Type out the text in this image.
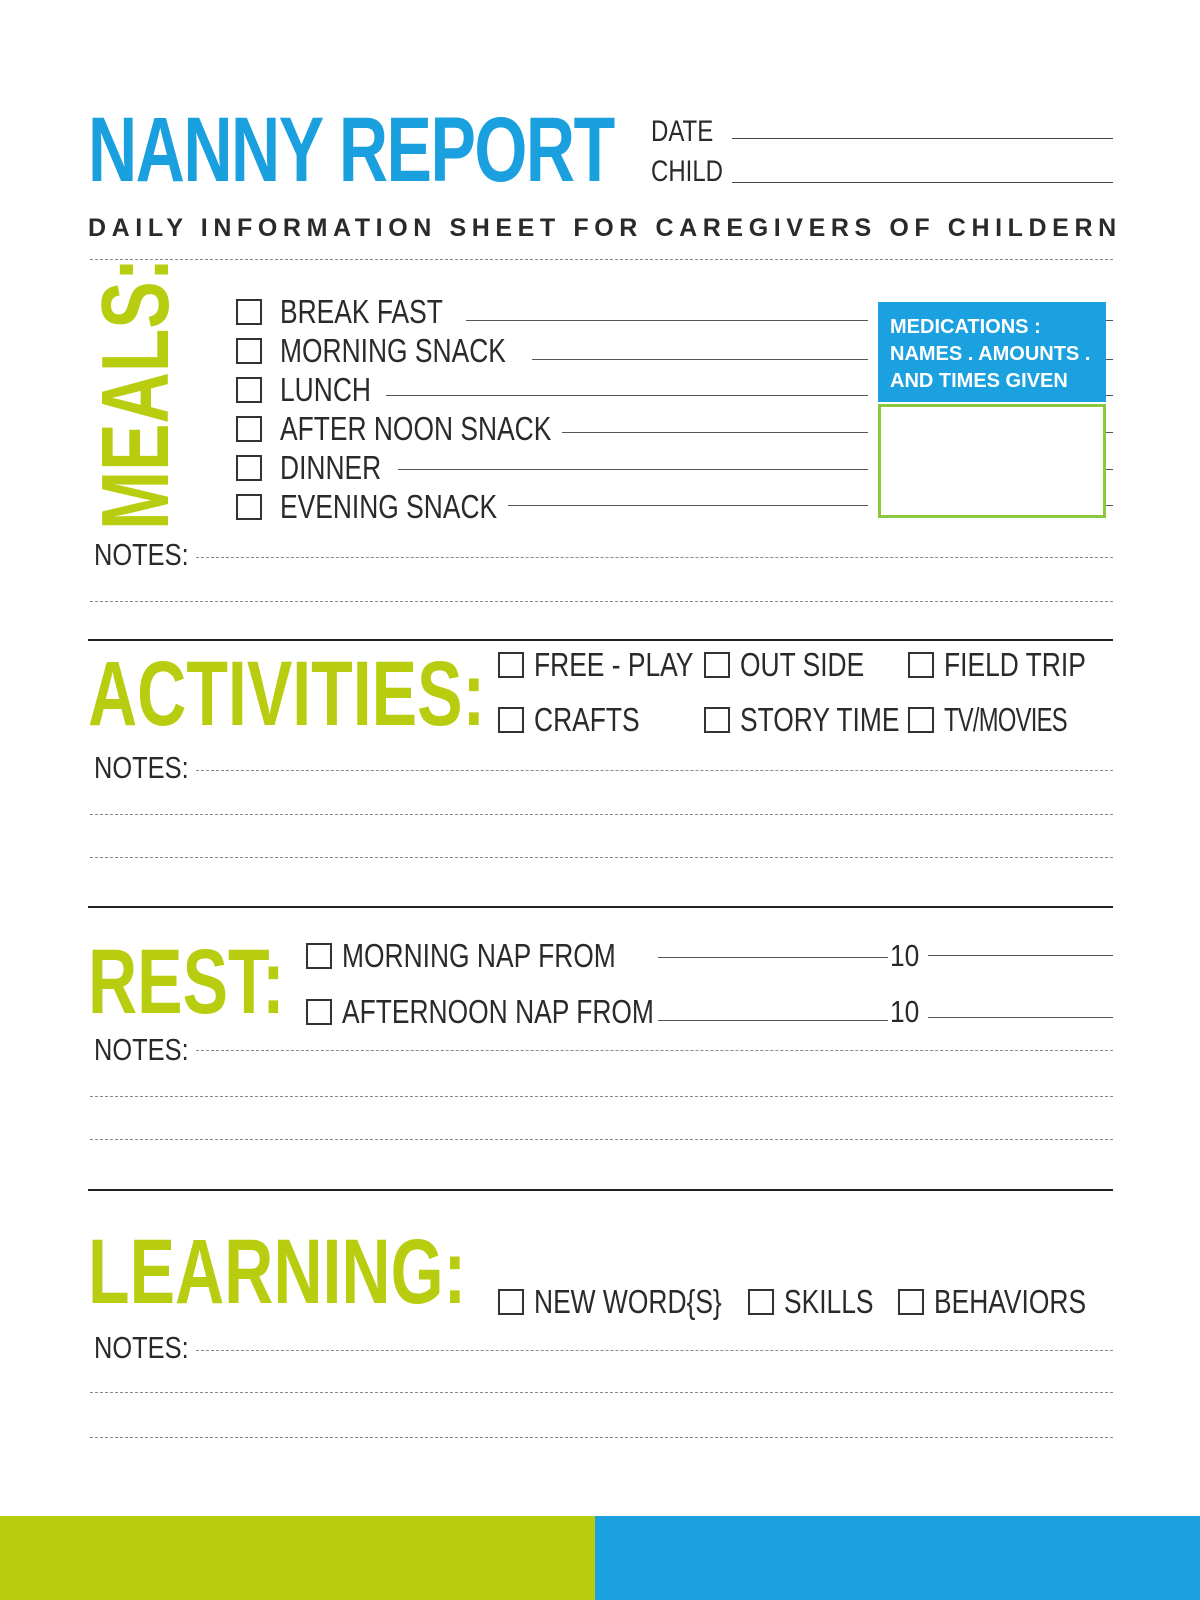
NANNY REPORT	DATE
CHILD
DAILY INFORMATION SHEET FOR CAREGIVERS OF CHILDERN
MEALS:	BREAK FAST
MORNING SNACK
LUNCH
AFTER NOON SNACK
DINNER
EVENING SNACK
MEDICATIONS :
NAMES . AMOUNTS .
AND TIMES GIVEN
NOTES:
ACTIVITIES:	FREE - PLAY OUT SIDE FIELD TRIP
CRAFTS	STORY TIME TV/MOVIES
NOTES:
REST:	MORNING NAP FROM	10
AFTERNOON NAP FROM	10
NOTES:
LEARNING:	NEW WORD{S} SKILLS BEHAVIORS
NOTES:
